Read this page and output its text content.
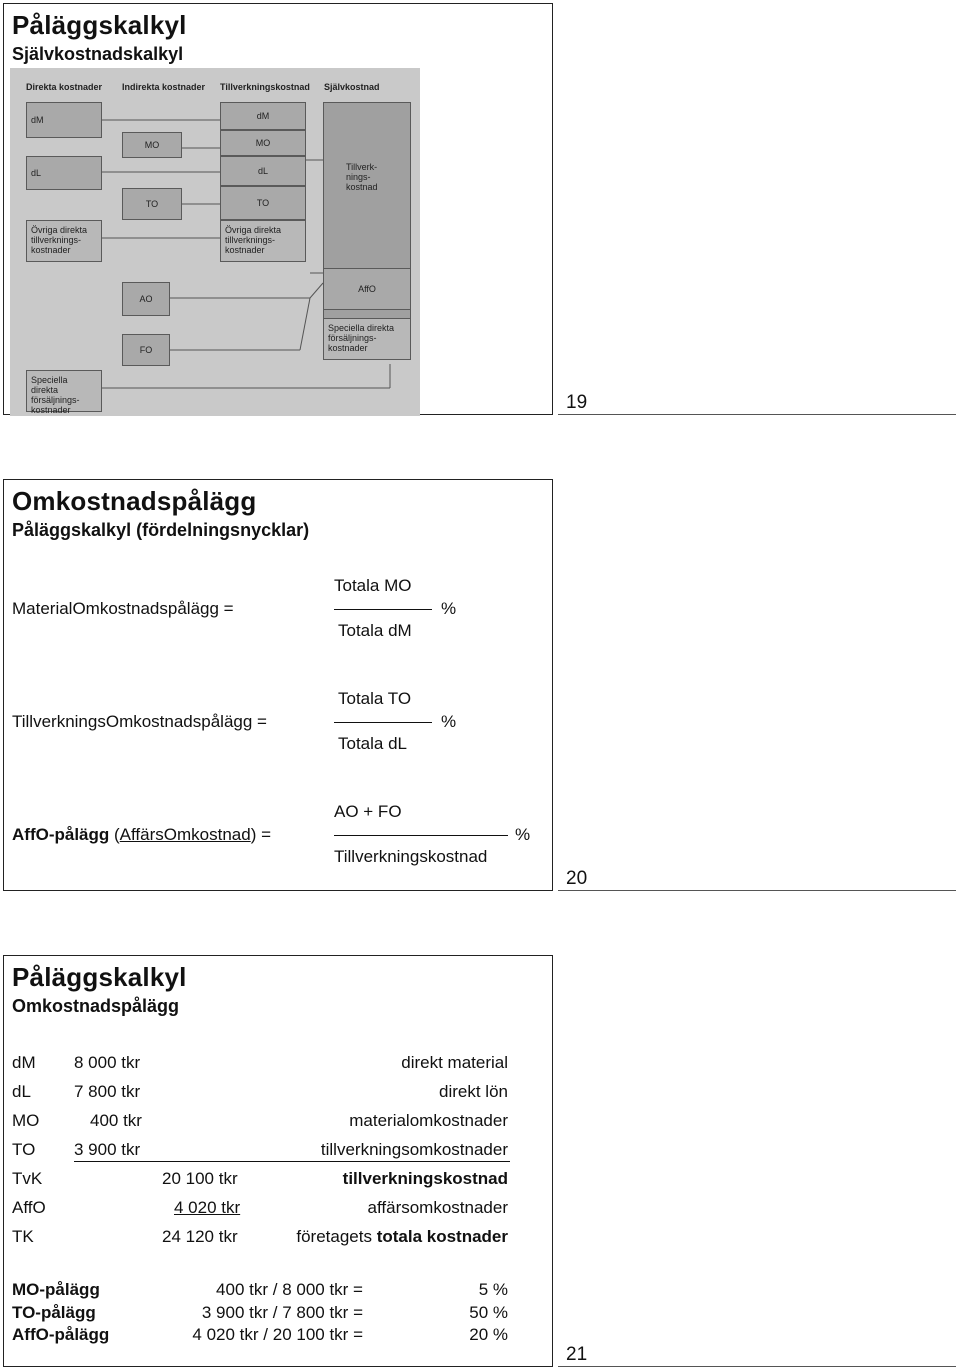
Påläggskalkyl
Självkostnadskalkyl
Direkta kostnader Indirekta kostnader Tillverkningskostnad Självkostnad
dM
dL
Övriga direkta tillverknings-kostnader
Speciella direkta försäljnings-kostnader
MO
TO
AO
FO
dM
MO
dL
TO
Övriga direkta tillverknings-kostnader
Tillverk-nings-kostnad
AffO
Speciella direkta försäljnings-kostnader
19
Omkostnadspålägg
Påläggskalkyl (fördelningsnycklar)
MaterialOmkostnadspålägg =
Totala MO
%
Totala dM
TillverkningsOmkostnadspålägg =
Totala TO
%
Totala dL
AffO-pålägg (AffärsOmkostnad) =
AO + FO
%
Tillverkningskostnad
20
Påläggskalkyl
Omkostnadspålägg
dM 8 000 tkr	direkt material
dL	7 800 tkr	direkt lön
MO	400 tkr	materialomkostnader
TO 3 900 tkr	tillverkningsomkostnader
TvK	20 100 tkr	tillverkningskostnad
AffO	4 020 tkr	affärsomkostnader
TK	24 120 tkr	företagets totala kostnader
MO-pålägg	400 tkr / 8 000 tkr =	5 %
TO-pålägg	3 900 tkr / 7 800 tkr =	50 %
AffO-pålägg	4 020 tkr / 20 100 tkr =	20 %
21
